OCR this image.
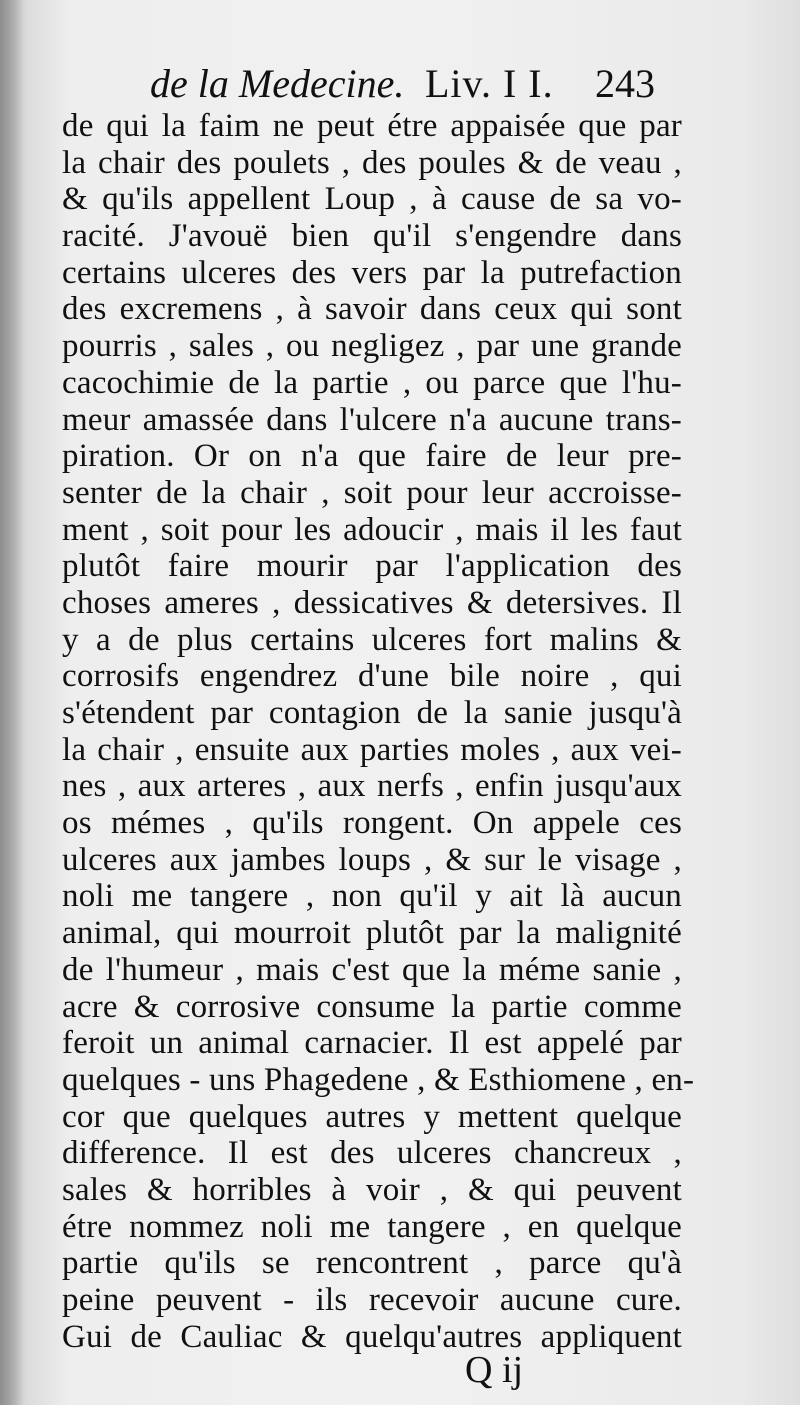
de la Medecine. Liv. I I. 243
de qui la faim ne peut étre appaisée que par
la chair des poulets , des poules & de veau ,
& qu'ils appellent Loup , à cause de sa vo-
racité. J'avouë bien qu'il s'engendre dans
certains ulceres des vers par la putrefaction
des excremens , à savoir dans ceux qui sont
pourris , sales , ou negligez , par une grande
cacochimie de la partie , ou parce que l'hu-
meur amassée dans l'ulcere n'a aucune trans-
piration. Or on n'a que faire de leur pre-
senter de la chair , soit pour leur accroisse-
ment , soit pour les adoucir , mais il les faut
plutôt faire mourir par l'application des
choses ameres , dessicatives & detersives. Il
y a de plus certains ulceres fort malins &
corrosifs engendrez d'une bile noire , qui
s'étendent par contagion de la sanie jusqu'à
la chair , ensuite aux parties moles , aux vei-
nes , aux arteres , aux nerfs , enfin jusqu'aux
os mémes , qu'ils rongent. On appele ces
ulceres aux jambes loups , & sur le visage ,
noli me tangere , non qu'il y ait là aucun
animal, qui mourroit plutôt par la malignité
de l'humeur , mais c'est que la méme sanie ,
acre & corrosive consume la partie comme
feroit un animal carnacier. Il est appelé par
quelques - uns Phagedene , & Esthiomene , en-
cor que quelques autres y mettent quelque
difference. Il est des ulceres chancreux ,
sales & horribles à voir , & qui peuvent
étre nommez noli me tangere , en quelque
partie qu'ils se rencontrent , parce qu'à
peine peuvent - ils recevoir aucune cure.
Gui de Cauliac & quelqu'autres appliquent
Q ij
